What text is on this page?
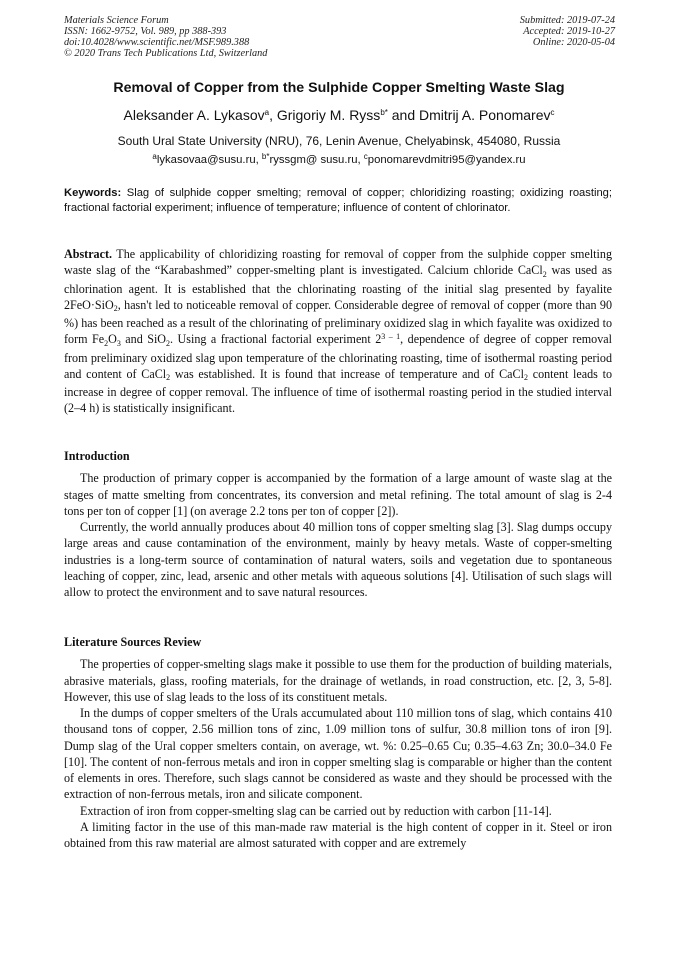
Materials Science Forum
ISSN: 1662-9752, Vol. 989, pp 388-393
doi:10.4028/www.scientific.net/MSF.989.388
© 2020 Trans Tech Publications Ltd, Switzerland
Submitted: 2019-07-24
Accepted: 2019-10-27
Online: 2020-05-04
Removal of Copper from the Sulphide Copper Smelting Waste Slag
Aleksander A. Lykasov$^a$, Grigoriy M. Ryss$^{b*}$ and Dmitrij A. Ponomarev$^c$
South Ural State University (NRU), 76, Lenin Avenue, Chelyabinsk, 454080, Russia
$^a$lykasovaa@susu.ru, $^{b*}$ryssgm@ susu.ru, $^c$ponomarevdmitri95@yandex.ru
Keywords: Slag of sulphide copper smelting; removal of copper; chloridizing roasting; oxidizing roasting; fractional factorial experiment; influence of temperature; influence of content of chlorinator.
Abstract. The applicability of chloridizing roasting for removal of copper from the sulphide copper smelting waste slag of the “Karabashmed” copper-smelting plant is investigated. Calcium chloride CaCl$_2$ was used as chlorination agent. It is established that the chlorinating roasting of the initial slag presented by fayalite 2FeO·SiO$_2$, hasn't led to noticeable removal of copper. Considerable degree of removal of copper (more than 90 %) has been reached as a result of the chlorinating of preliminary oxidized slag in which fayalite was oxidized to form $Fe_2O_3$ and SiO$_2$. Using a fractional factorial experiment 2$^{3 - 1}$, dependence of degree of copper removal from preliminary oxidized slag upon temperature of the chlorinating roasting, time of isothermal roasting period and content of CaCl$_2$ was established. It is found that increase of temperature and of CaCl$_2$ content leads to increase in degree of copper removal. The influence of time of isothermal roasting period in the studied interval (2–4 h) is statistically insignificant.
Introduction

The production of primary copper is accompanied by the formation of a large amount of waste slag at the stages of matte smelting from concentrates, its conversion and metal refining. The total amount of slag is 2-4 tons per ton of copper [1] (on average 2.2 tons per ton of copper [2]).

Currently, the world annually produces about 40 million tons of copper smelting slag [3]. Slag dumps occupy large areas and cause contamination of the environment, mainly by heavy metals. Waste of copper-smelting industries is a long-term source of contamination of natural waters, soils and vegetation due to spontaneous leaching of copper, zinc, lead, arsenic and other metals with aqueous solutions [4]. Utilisation of such slags will allow to protect the environment and to save natural resources.

Literature Sources Review

The properties of copper-smelting slags make it possible to use them for the production of building materials, abrasive materials, glass, roofing materials, for the drainage of wetlands, in road construction, etc. [2, 3, 5-8]. However, this use of slag leads to the loss of its constituent metals.

In the dumps of copper smelters of the Urals accumulated about 110 million tons of slag, which contains 410 thousand tons of copper, 2.56 million tons of zinc, 1.09 million tons of sulfur, 30.8 million tons of iron [9]. Dump slag of the Ural copper smelters contain, on average, wt. %: 0.25–0.65 Cu; 0.35–4.63 Zn; 30.0–34.0 Fe [10]. The content of non-ferrous metals and iron in copper smelting slag is comparable or higher than the content of elements in ores. Therefore, such slags cannot be considered as waste and they should be processed with the extraction of non-ferrous metals, iron and silicate component.

Extraction of iron from copper-smelting slag can be carried out by reduction with carbon [11-14].

A limiting factor in the use of this man-made raw material is the high content of copper in it. Steel or iron obtained from this raw material are almost saturated with copper and are extremely
